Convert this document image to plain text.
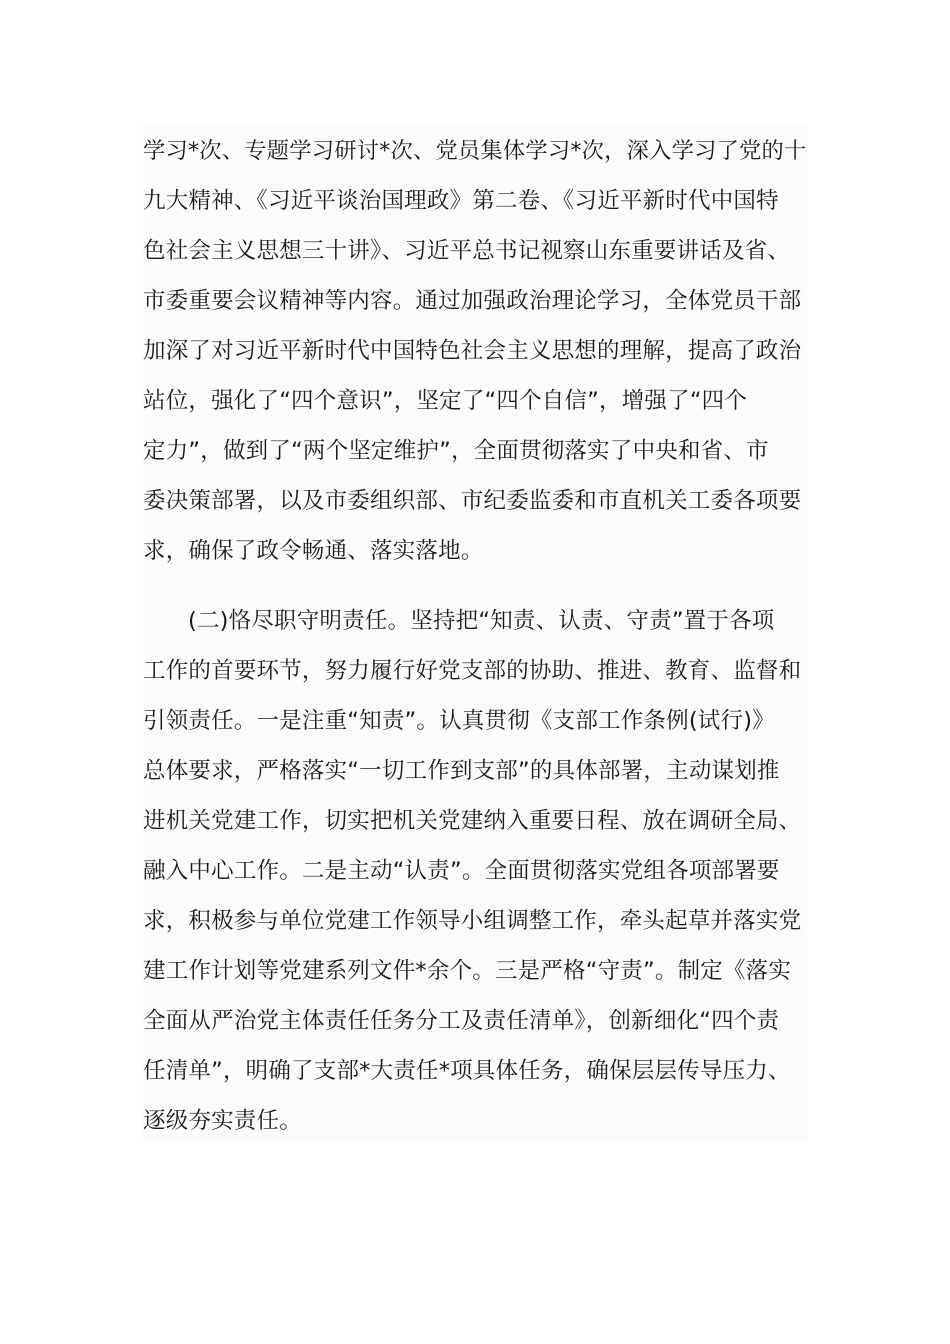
学习*次、专题学习研讨*次、党员集体学习*次，深入学习了党的十
九大精神、《习近平谈治国理政》第二卷、《习近平新时代中国特
色社会主义思想三十讲》、习近平总书记视察山东重要讲话及省、
市委重要会议精神等内容。通过加强政治理论学习，全体党员干部
加深了对习近平新时代中国特色社会主义思想的理解，提高了政治
站位，强化了“四个意识”，坚定了“四个自信”，增强了“四个
定力”，做到了“两个坚定维护”，全面贯彻落实了中央和省、市
委决策部署，以及市委组织部、市纪委监委和市直机关工委各项要
求，确保了政令畅通、落实落地。
(二)恪尽职守明责任。坚持把“知责、认责、守责”置于各项
工作的首要环节，努力履行好党支部的协助、推进、教育、监督和
引领责任。一是注重“知责”。认真贯彻《支部工作条例(试行)》
总体要求，严格落实“一切工作到支部”的具体部署，主动谋划推
进机关党建工作，切实把机关党建纳入重要日程、放在调研全局、
融入中心工作。二是主动“认责”。全面贯彻落实党组各项部署要
求，积极参与单位党建工作领导小组调整工作，牵头起草并落实党
建工作计划等党建系列文件*余个。三是严格“守责”。制定《落实
全面从严治党主体责任任务分工及责任清单》，创新细化“四个责
任清单”，明确了支部*大责任*项具体任务，确保层层传导压力、
逐级夯实责任。
